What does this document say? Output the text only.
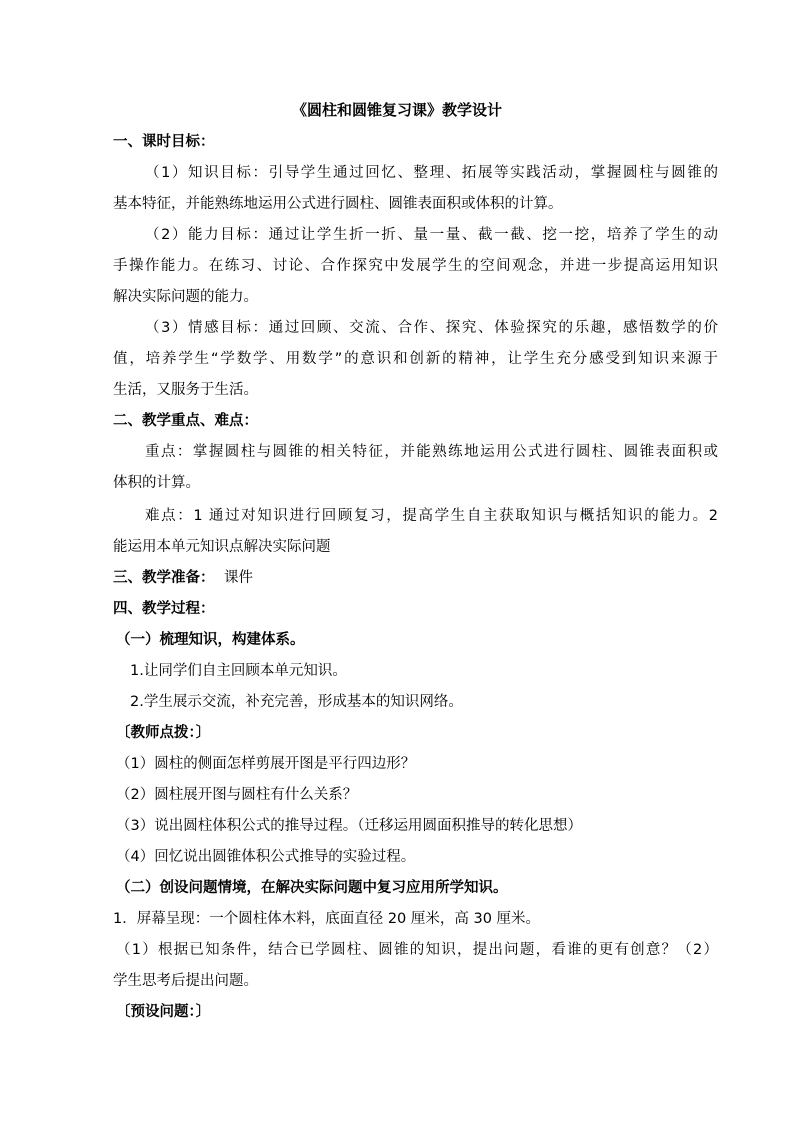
《圆柱和圆锥复习课》教学设计
一、课时目标：
（1）知识目标：引导学生通过回忆、整理、拓展等实践活动，掌握圆柱与圆锥的
基本特征，并能熟练地运用公式进行圆柱、圆锥表面积或体积的计算。
（2）能力目标：通过让学生折一折、量一量、截一截、挖一挖，培养了学生的动
手操作能力。在练习、讨论、合作探究中发展学生的空间观念，并进一步提高运用知识
解决实际问题的能力。
（3）情感目标：通过回顾、交流、合作、探究、体验探究的乐趣，感悟数学的价
值，培养学生“学数学、用数学”的意识和创新的精神，让学生充分感受到知识来源于
生活，又服务于生活。
二、教学重点、难点：
重点：掌握圆柱与圆锥的相关特征，并能熟练地运用公式进行圆柱、圆锥表面积或
体积的计算。
难点：1 通过对知识进行回顾复习，提高学生自主获取知识与概括知识的能力。2
能运用本单元知识点解决实际问题
三、教学准备： 课件
四、教学过程：
（一）梳理知识，构建体系。
1.让同学们自主回顾本单元知识。
2.学生展示交流，补充完善，形成基本的知识网络。
〔教师点拨：〕
（1）圆柱的侧面怎样剪展开图是平行四边形？
（2）圆柱展开图与圆柱有什么关系？
（3）说出圆柱体积公式的推导过程。（迁移运用圆面积推导的转化思想）
（4）回忆说出圆锥体积公式推导的实验过程。
（二）创设问题情境，在解决实际问题中复习应用所学知识。
1．屏幕呈现：一个圆柱体木料，底面直径 20 厘米，高 30 厘米。
（1）根据已知条件，结合已学圆柱、圆锥的知识，提出问题，看谁的更有创意？（2）
学生思考后提出问题。
〔预设问题：〕
